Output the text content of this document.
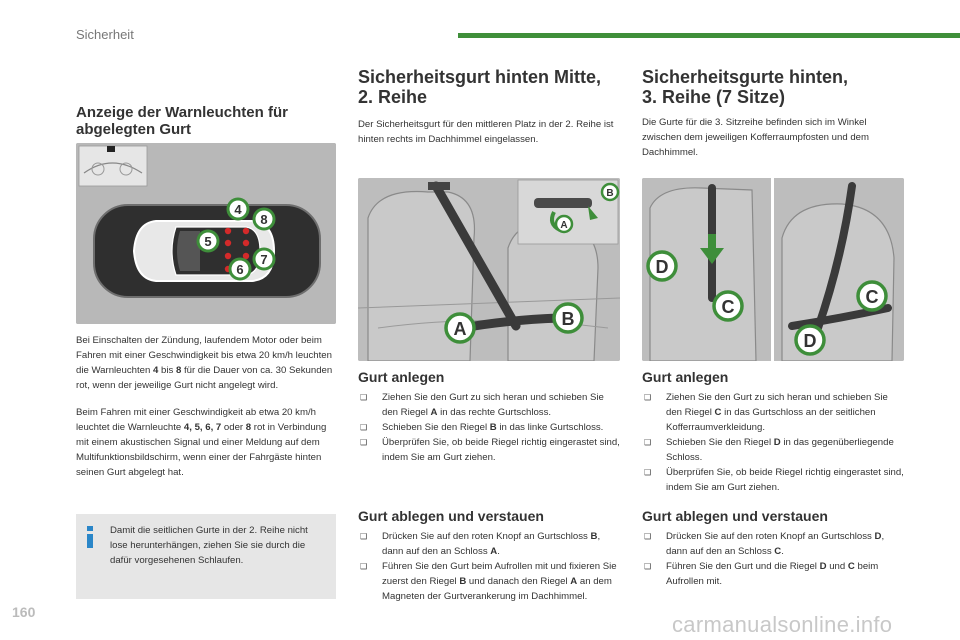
Sicherheit
Anzeige der Warnleuchten für abgelegten Gurt
4
8
5
6
7
Bei Einschalten der Zündung, laufendem Motor oder beim Fahren mit einer Geschwindigkeit bis etwa 20 km/h leuchten die Warnleuchten 4 bis 8 für die Dauer von ca. 30 Sekunden rot, wenn der jeweilige Gurt nicht angelegt wird.
Beim Fahren mit einer Geschwindigkeit ab etwa 20 km/h leuchtet die Warnleuchte 4, 5, 6, 7 oder 8 rot in Verbindung mit einem akustischen Signal und einer Meldung auf dem Multifunktionsbildschirm, wenn einer der Fahrgäste hinten seinen Gurt abgelegt hat.
Damit die seitlichen Gurte in der 2. Reihe nicht lose herunterhängen, ziehen Sie sie durch die dafür vorgesehenen Schlaufen.
Sicherheitsgurt hinten Mitte,
2. Reihe
Der Sicherheitsgurt für den mittleren Platz in der 2. Reihe ist hinten rechts im Dachhimmel eingelassen.
B
A
A	B
Gurt anlegen
❑ Ziehen Sie den Gurt zu sich heran und schieben Sie den Riegel A in das rechte Gurtschloss.
❑ Schieben Sie den Riegel B in das linke Gurtschloss.
❑ Überprüfen Sie, ob beide Riegel richtig eingerastet sind, indem Sie am Gurt ziehen.
Gurt ablegen und verstauen
❑ Drücken Sie auf den roten Knopf an Gurtschloss B, dann auf den an Schloss A.
❑ Führen Sie den Gurt beim Aufrollen mit und fixieren Sie zuerst den Riegel B und danach den Riegel A an dem Magneten der Gurtverankerung im Dachhimmel.
Sicherheitsgurte hinten,
3. Reihe (7 Sitze)
Die Gurte für die 3. Sitzreihe befinden sich im Winkel zwischen dem jeweiligen Kofferraumpfosten und dem Dachhimmel.
D
C	C
D
Gurt anlegen
❑ Ziehen Sie den Gurt zu sich heran und schieben Sie den Riegel C in das Gurtschloss an der seitlichen Kofferraumverkleidung.
❑ Schieben Sie den Riegel D in das gegenüberliegende Schloss.
❑ Überprüfen Sie, ob beide Riegel richtig eingerastet sind, indem Sie am Gurt ziehen.
Gurt ablegen und verstauen
❑ Drücken Sie auf den roten Knopf an Gurtschloss D, dann auf den an Schloss C.
❑ Führen Sie den Gurt und die Riegel D und C beim Aufrollen mit.
160	carmanualsonline.info
